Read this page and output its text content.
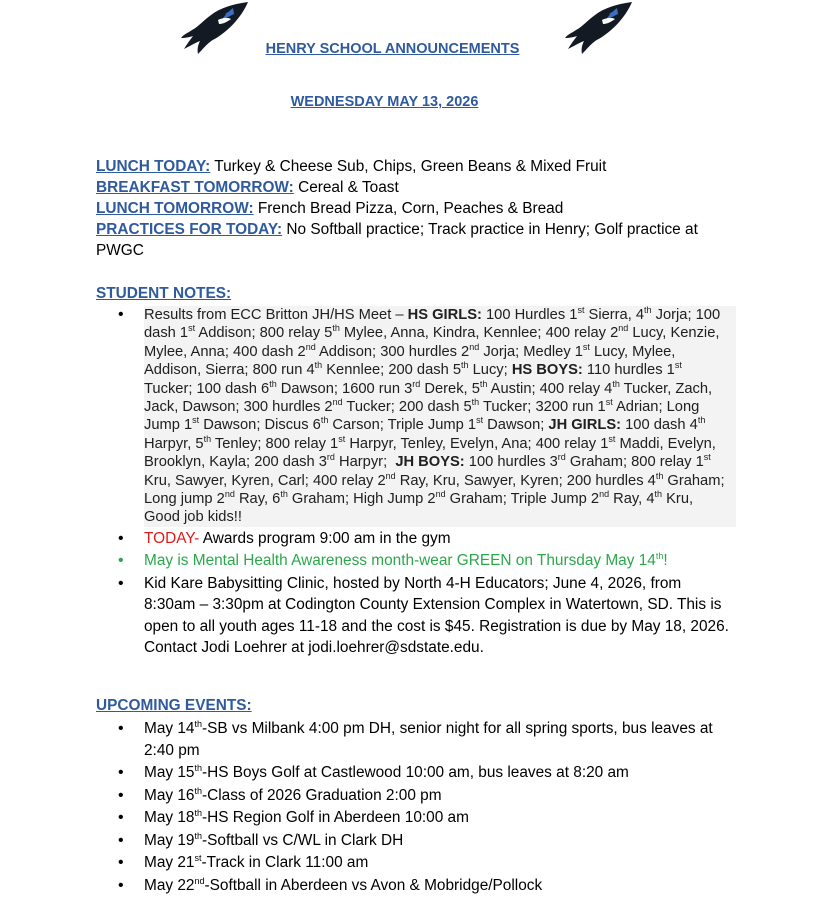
HENRY SCHOOL ANNOUNCEMENTS
WEDNESDAY MAY 13, 2026
LUNCH TODAY: Turkey & Cheese Sub, Chips, Green Beans & Mixed Fruit
BREAKFAST TOMORROW: Cereal & Toast
LUNCH TOMORROW: French Bread Pizza, Corn, Peaches & Bread
PRACTICES FOR TODAY: No Softball practice; Track practice in Henry; Golf practice at PWGC
STUDENT NOTES:
• Results from ECC Britton JH/HS Meet – HS GIRLS: 100 Hurdles 1st Sierra, 4th Jorja; 100 dash 1st Addison; 800 relay 5th Mylee, Anna, Kindra, Kennlee; 400 relay 2nd Lucy, Kenzie, Mylee, Anna; 400 dash 2nd Addison; 300 hurdles 2nd Jorja; Medley 1st Lucy, Mylee, Addison, Sierra; 800 run 4th Kennlee; 200 dash 5th Lucy; HS BOYS: 110 hurdles 1st Tucker; 100 dash 6th Dawson; 1600 run 3rd Derek, 5th Austin; 400 relay 4th Tucker, Zach, Jack, Dawson; 300 hurdles 2nd Tucker; 200 dash 5th Tucker; 3200 run 1st Adrian; Long Jump 1st Dawson; Discus 6th Carson; Triple Jump 1st Dawson; JH GIRLS: 100 dash 4th Harpyr, 5th Tenley; 800 relay 1st Harpyr, Tenley, Evelyn, Ana; 400 relay 1st Maddi, Evelyn, Brooklyn, Kayla; 200 dash 3rd Harpyr;  JH BOYS: 100 hurdles 3rd Graham; 800 relay 1st Kru, Sawyer, Kyren, Carl; 400 relay 2nd Ray, Kru, Sawyer, Kyren; 200 hurdles 4th Graham; Long jump 2nd Ray, 6th Graham; High Jump 2nd Graham; Triple Jump 2nd Ray, 4th Kru, Good job kids!!
• TODAY- Awards program 9:00 am in the gym
• May is Mental Health Awareness month-wear GREEN on Thursday May 14th!
• Kid Kare Babysitting Clinic, hosted by North 4-H Educators; June 4, 2026, from 8:30am – 3:30pm at Codington County Extension Complex in Watertown, SD. This is open to all youth ages 11-18 and the cost is $45. Registration is due by May 18, 2026. Contact Jodi Loehrer at jodi.loehrer@sdstate.edu.
UPCOMING EVENTS:
• May 14th-SB vs Milbank 4:00 pm DH, senior night for all spring sports, bus leaves at 2:40 pm
• May 15th-HS Boys Golf at Castlewood 10:00 am, bus leaves at 8:20 am
• May 16th-Class of 2026 Graduation 2:00 pm
• May 18th-HS Region Golf in Aberdeen 10:00 am
• May 19th-Softball vs C/WL in Clark DH
• May 21st-Track in Clark 11:00 am
• May 22nd-Softball in Aberdeen vs Avon & Mobridge/Pollock
